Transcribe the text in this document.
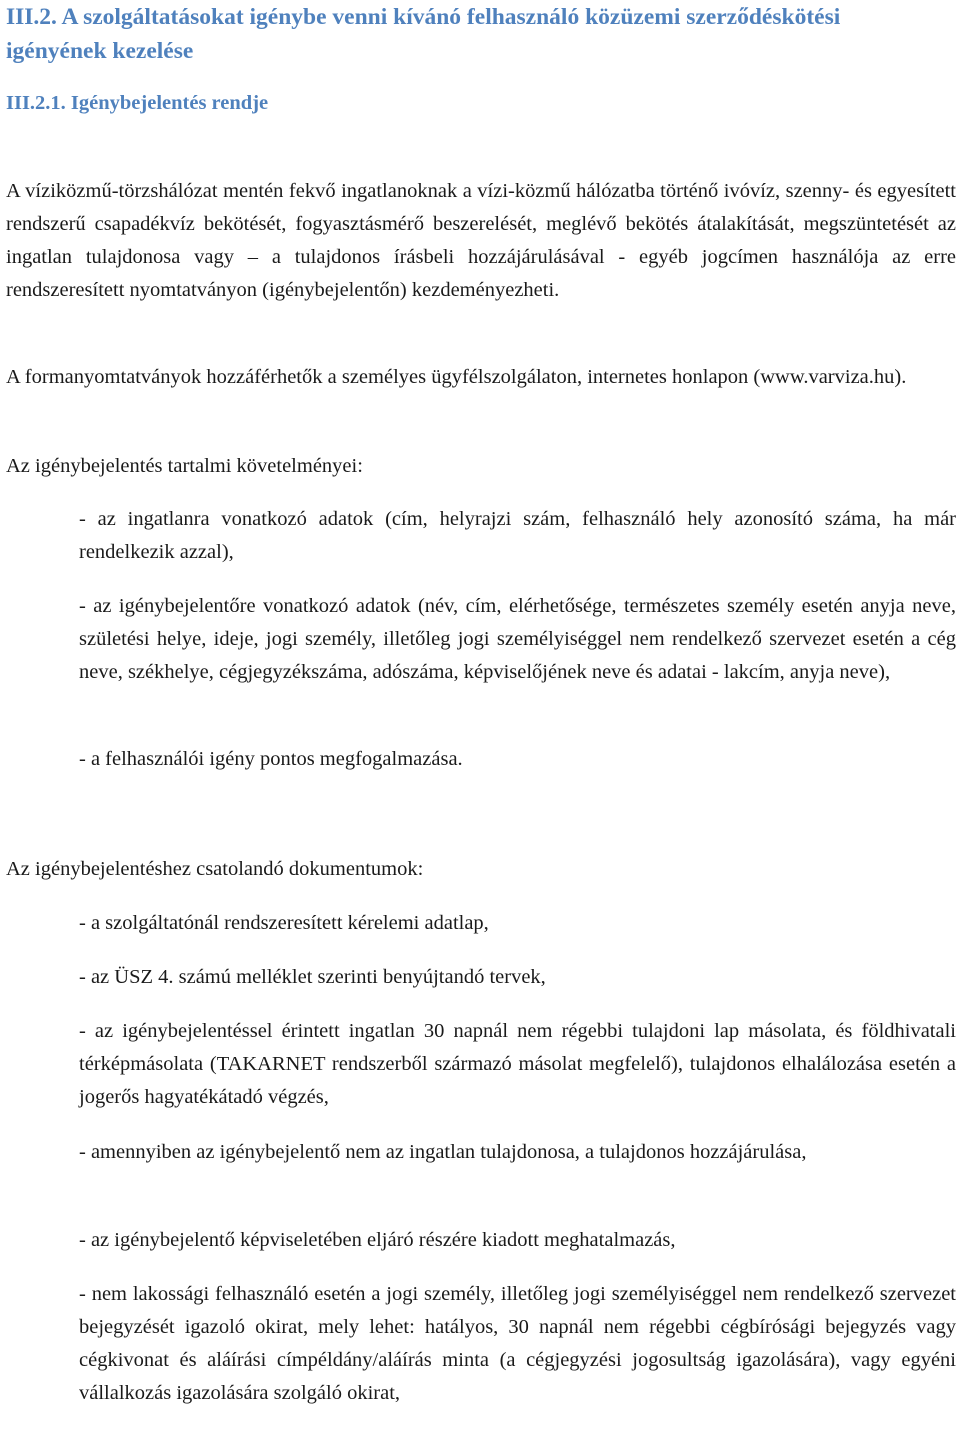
III.2. A szolgáltatásokat igénybe venni kívánó felhasználó közüzemi szerződéskötési igényének kezelése
III.2.1. Igénybejelentés rendje

A víziközmű-törzshálózat mentén fekvő ingatlanoknak a vízi-közmű hálózatba történő ivóvíz, szenny- és egyesített rendszerű csapadékvíz bekötését, fogyasztásmérő beszerelését, meglévő bekötés átalakítását, megszüntetését az ingatlan tulajdonosa vagy – a tulajdonos írásbeli hozzájárulásával - egyéb jogcímen használója az erre rendszeresített nyomtatványon (igénybejelentőn) kezdeményezheti.

A formanyomtatványok hozzáférhetők a személyes ügyfélszolgálaton, internetes honlapon (www.varviza.hu).

Az igénybejelentés tartalmi követelményei:

- az ingatlanra vonatkozó adatok (cím, helyrajzi szám, felhasználó hely azonosító száma, ha már rendelkezik azzal),

- az igénybejelentőre vonatkozó adatok (név, cím, elérhetősége, természetes személy esetén anyja neve, születési helye, ideje, jogi személy, illetőleg jogi személyiséggel nem rendelkező szervezet esetén a cég neve, székhelye, cégjegyzékszáma, adószáma, képviselőjének neve és adatai - lakcím, anyja neve),

- a felhasználói igény pontos megfogalmazása.

Az igénybejelentéshez csatolandó dokumentumok:

- a szolgáltatónál rendszeresített kérelemi adatlap,

- az ÜSZ 4. számú melléklet szerinti benyújtandó tervek,

- az igénybejelentéssel érintett ingatlan 30 napnál nem régebbi tulajdoni lap másolata, és földhivatali térképmásolata (TAKARNET rendszerből származó másolat megfelelő), tulajdonos elhalálozása esetén a jogerős hagyatékátadó végzés,

- amennyiben az igénybejelentő nem az ingatlan tulajdonosa, a tulajdonos hozzájárulása,

- az igénybejelentő képviseletében eljáró részére kiadott meghatalmazás,

- nem lakossági felhasználó esetén a jogi személy, illetőleg jogi személyiséggel nem rendelkező szervezet bejegyzését igazoló okirat, mely lehet: hatályos, 30 napnál nem régebbi cégbírósági bejegyzés vagy cégkivonat és aláírási címpéldány/aláírás minta (a cégjegyzési jogosultság igazolására), vagy egyéni vállalkozás igazolására szolgáló okirat,
